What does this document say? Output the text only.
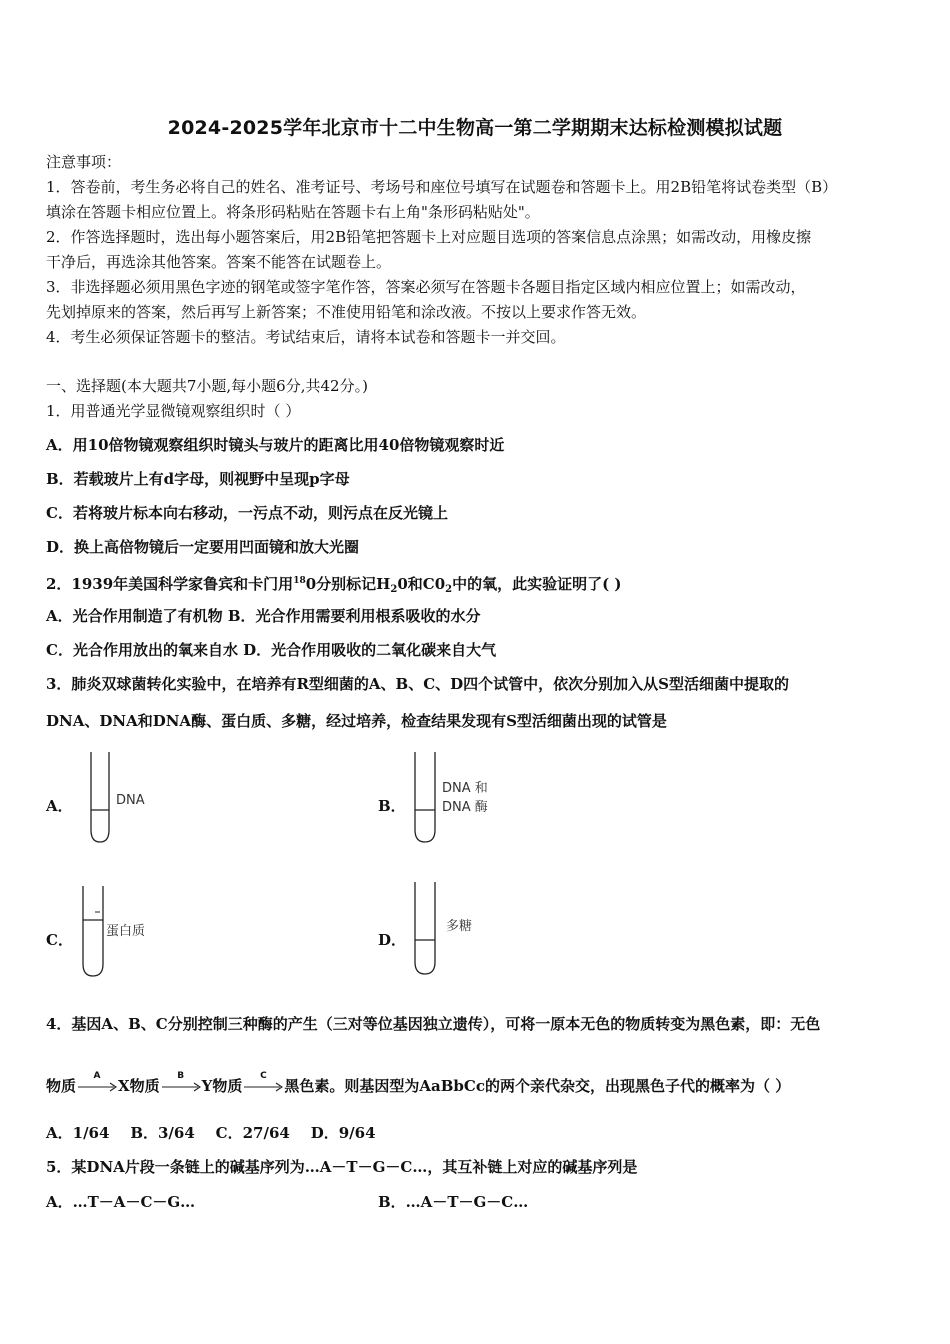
2024-2025学年北京市十二中生物高一第二学期期末达标检测模拟试题
注意事项：
1．答卷前，考生务必将自己的姓名、准考证号、考场号和座位号填写在试题卷和答题卡上。用2B铅笔将试卷类型（B）
填涂在答题卡相应位置上。将条形码粘贴在答题卡右上角"条形码粘贴处"。
2．作答选择题时，选出每小题答案后，用2B铅笔把答题卡上对应题目选项的答案信息点涂黑；如需改动，用橡皮擦
干净后，再选涂其他答案。答案不能答在试题卷上。
3．非选择题必须用黑色字迹的钢笔或签字笔作答，答案必须写在答题卡各题目指定区域内相应位置上；如需改动，
先划掉原来的答案，然后再写上新答案；不准使用铅笔和涂改液。不按以上要求作答无效。
4．考生必须保证答题卡的整洁。考试结束后，请将本试卷和答题卡一并交回。
一、选择题(本大题共7小题,每小题6分,共42分。)
1．用普通光学显微镜观察组织时（ ）
A．用10倍物镜观察组织时镜头与玻片的距离比用40倍物镜观察时近
B．若载玻片上有d字母，则视野中呈现p字母
C．若将玻片标本向右移动，一污点不动，则污点在反光镜上
D．换上高倍物镜后一定要用凹面镜和放大光圈
2．1939年美国科学家鲁宾和卡门用$^{18}$0分别标记$H_20$和$C0_2$中的氧，此实验证明了( )
A．光合作用制造了有机物 B．光合作用需要利用根系吸收的水分
C．光合作用放出的氧来自水 D．光合作用吸收的二氧化碳来自大气
3．肺炎双球菌转化实验中，在培养有R型细菌的A、B、C、D四个试管中，依次分别加入从S型活细菌中提取的
DNA、DNA和DNA酶、蛋白质、多糖，经过培养，检查结果发现有S型活细菌出现的试管是
A．	DNA	B．
DNA 和
DNA 酶
C．	蛋白质	D．
多糖
4．基因A、B、C分别控制三种酶的产生（三对等位基因独立遗传），可将一原本无色的物质转变为黑色素，即：无色
物质
A
X物质
B
Y物质
C
黑色素。则基因型为AaBbCc的两个亲代杂交，出现黑色子代的概率为（ ）
A．1/64    B．3/64    C．27/64    D．9/64
5．某DNA片段一条链上的碱基序列为…A－T－G－C…，其互补链上对应的碱基序列是
A．…T－A－C－G…	B．…A－T－G－C…
